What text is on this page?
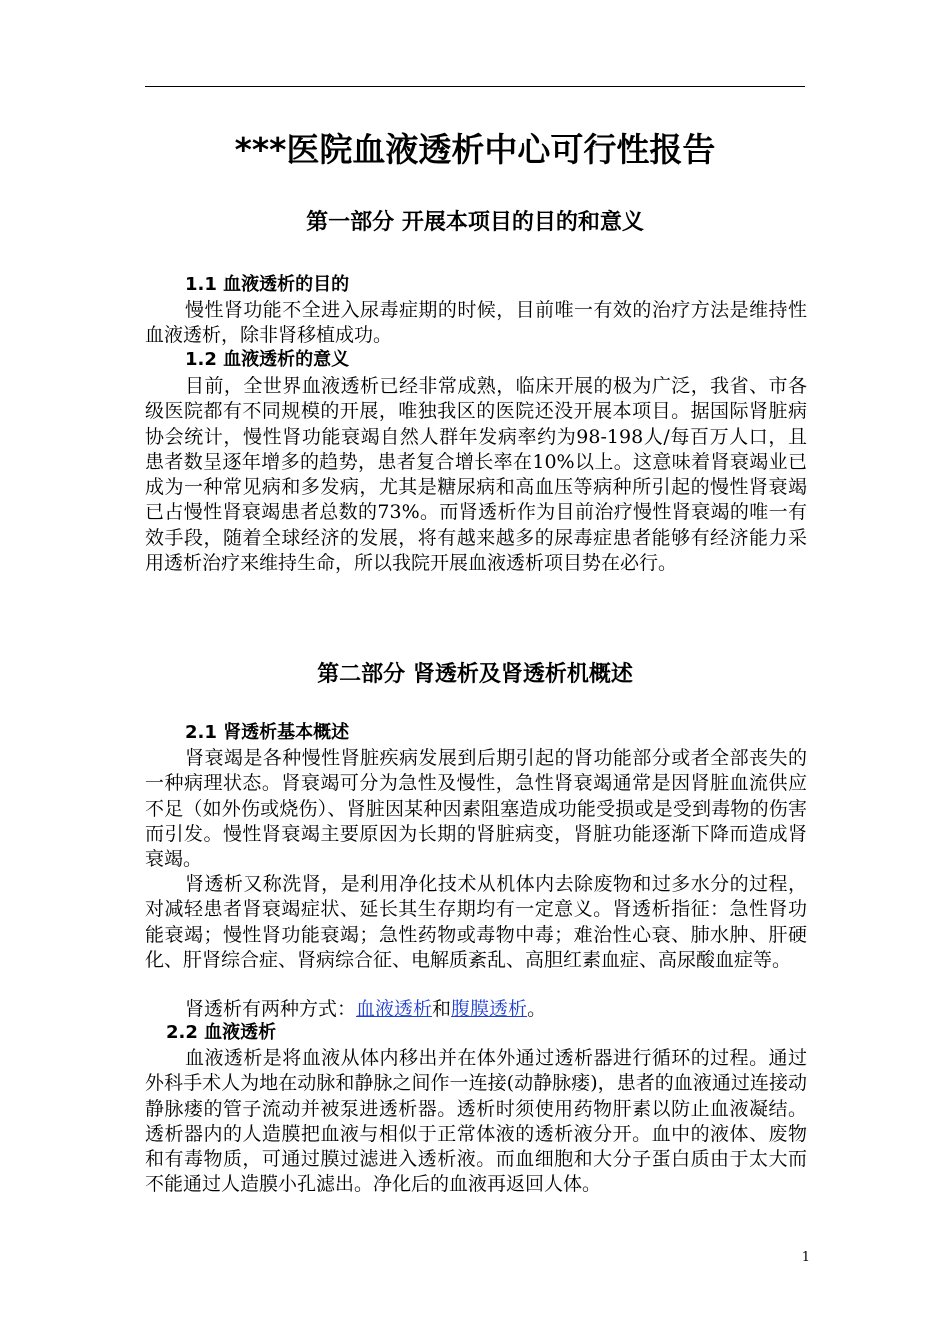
***医院血液透析中心可行性报告
第一部分 开展本项目的目的和意义
1.1 血液透析的目的
慢性肾功能不全进入尿毒症期的时候，目前唯一有效的治疗方法是维持性血液透析，除非肾移植成功。
1.2 血液透析的意义
目前，全世界血液透析已经非常成熟，临床开展的极为广泛，我省、市各级医院都有不同规模的开展，唯独我区的医院还没开展本项目。据国际肾脏病协会统计，慢性肾功能衰竭自然人群年发病率约为98-198人/每百万人口，且患者数呈逐年增多的趋势，患者复合增长率在10%以上。这意味着肾衰竭业已成为一种常见病和多发病，尤其是糖尿病和高血压等病种所引起的慢性肾衰竭已占慢性肾衰竭患者总数的73%。而肾透析作为目前治疗慢性肾衰竭的唯一有效手段，随着全球经济的发展，将有越来越多的尿毒症患者能够有经济能力采用透析治疗来维持生命，所以我院开展血液透析项目势在必行。
第二部分 肾透析及肾透析机概述
2.1 肾透析基本概述
肾衰竭是各种慢性肾脏疾病发展到后期引起的肾功能部分或者全部丧失的一种病理状态。肾衰竭可分为急性及慢性，急性肾衰竭通常是因肾脏血流供应不足（如外伤或烧伤）、肾脏因某种因素阻塞造成功能受损或是受到毒物的伤害而引发。慢性肾衰竭主要原因为长期的肾脏病变，肾脏功能逐渐下降而造成肾衰竭。
肾透析又称洗肾，是利用净化技术从机体内去除废物和过多水分的过程，对减轻患者肾衰竭症状、延长其生存期均有一定意义。肾透析指征：急性肾功能衰竭；慢性肾功能衰竭；急性药物或毒物中毒；难治性心衰、肺水肿、肝硬化、肝肾综合症、肾病综合征、电解质紊乱、高胆红素血症、高尿酸血症等。
肾透析有两种方式：血液透析和腹膜透析。
2.2 血液透析
血液透析是将血液从体内移出并在体外通过透析器进行循环的过程。通过外科手术人为地在动脉和静脉之间作一连接(动静脉瘘)，患者的血液通过连接动静脉瘘的管子流动并被泵进透析器。透析时须使用药物肝素以防止血液凝结。透析器内的人造膜把血液与相似于正常体液的透析液分开。血中的液体、废物和有毒物质，可通过膜过滤进入透析液。而血细胞和大分子蛋白质由于太大而不能通过人造膜小孔滤出。净化后的血液再返回人体。
1
